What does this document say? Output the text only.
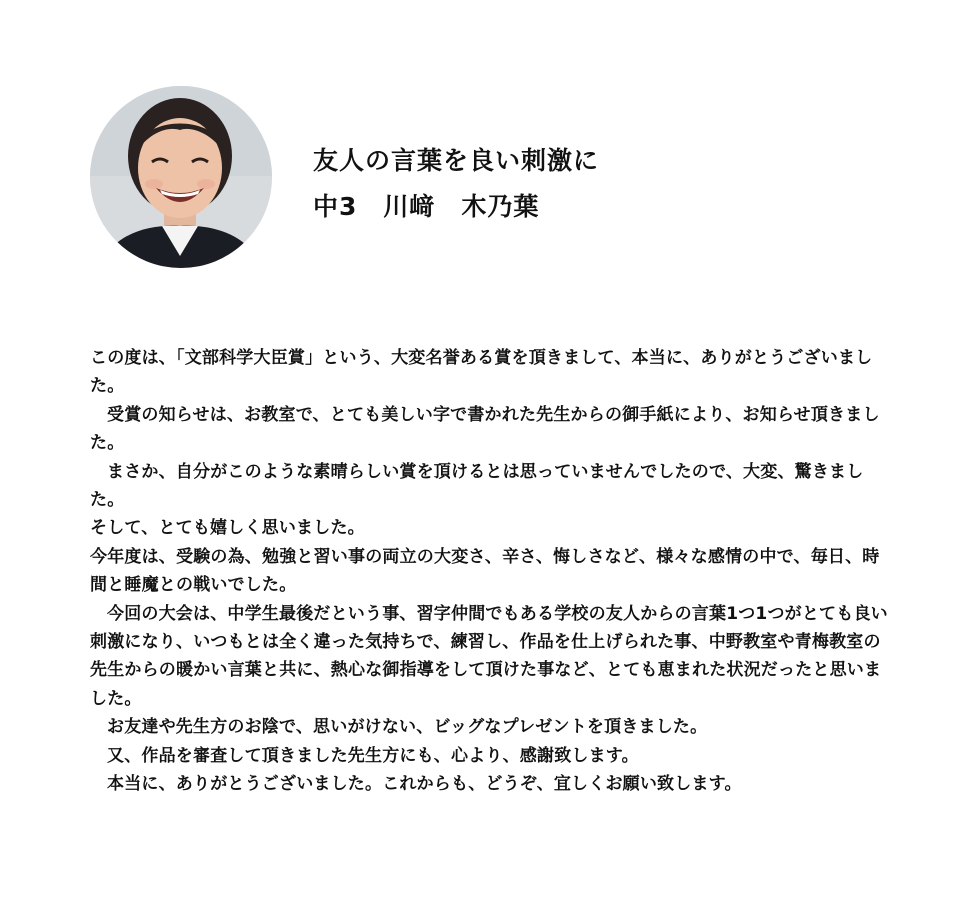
友人の言葉を良い刺激に
中3　川﨑　木乃葉

この度は、「文部科学大臣賞」という、大変名誉ある賞を頂きまして、本当に、ありがとうございました。

受賞の知らせは、お教室で、とても美しい字で書かれた先生からの御手紙により、お知らせ頂きました。

まさか、自分がこのような素晴らしい賞を頂けるとは思っていませんでしたので、大変、驚きました。

そして、とても嬉しく思いました。

今年度は、受験の為、勉強と習い事の両立の大変さ、辛さ、悔しさなど、様々な感情の中で、毎日、時間と睡魔との戦いでした。

今回の大会は、中学生最後だという事、習字仲間でもある学校の友人からの言葉1つ1つがとても良い刺激になり、いつもとは全く違った気持ちで、練習し、作品を仕上げられた事、中野教室や青梅教室の先生からの暖かい言葉と共に、熱心な御指導をして頂けた事など、とても恵まれた状況だったと思いました。

お友達や先生方のお陰で、思いがけない、ビッグなプレゼントを頂きました。

又、作品を審査して頂きました先生方にも、心より、感謝致します。

本当に、ありがとうございました。これからも、どうぞ、宜しくお願い致します。
